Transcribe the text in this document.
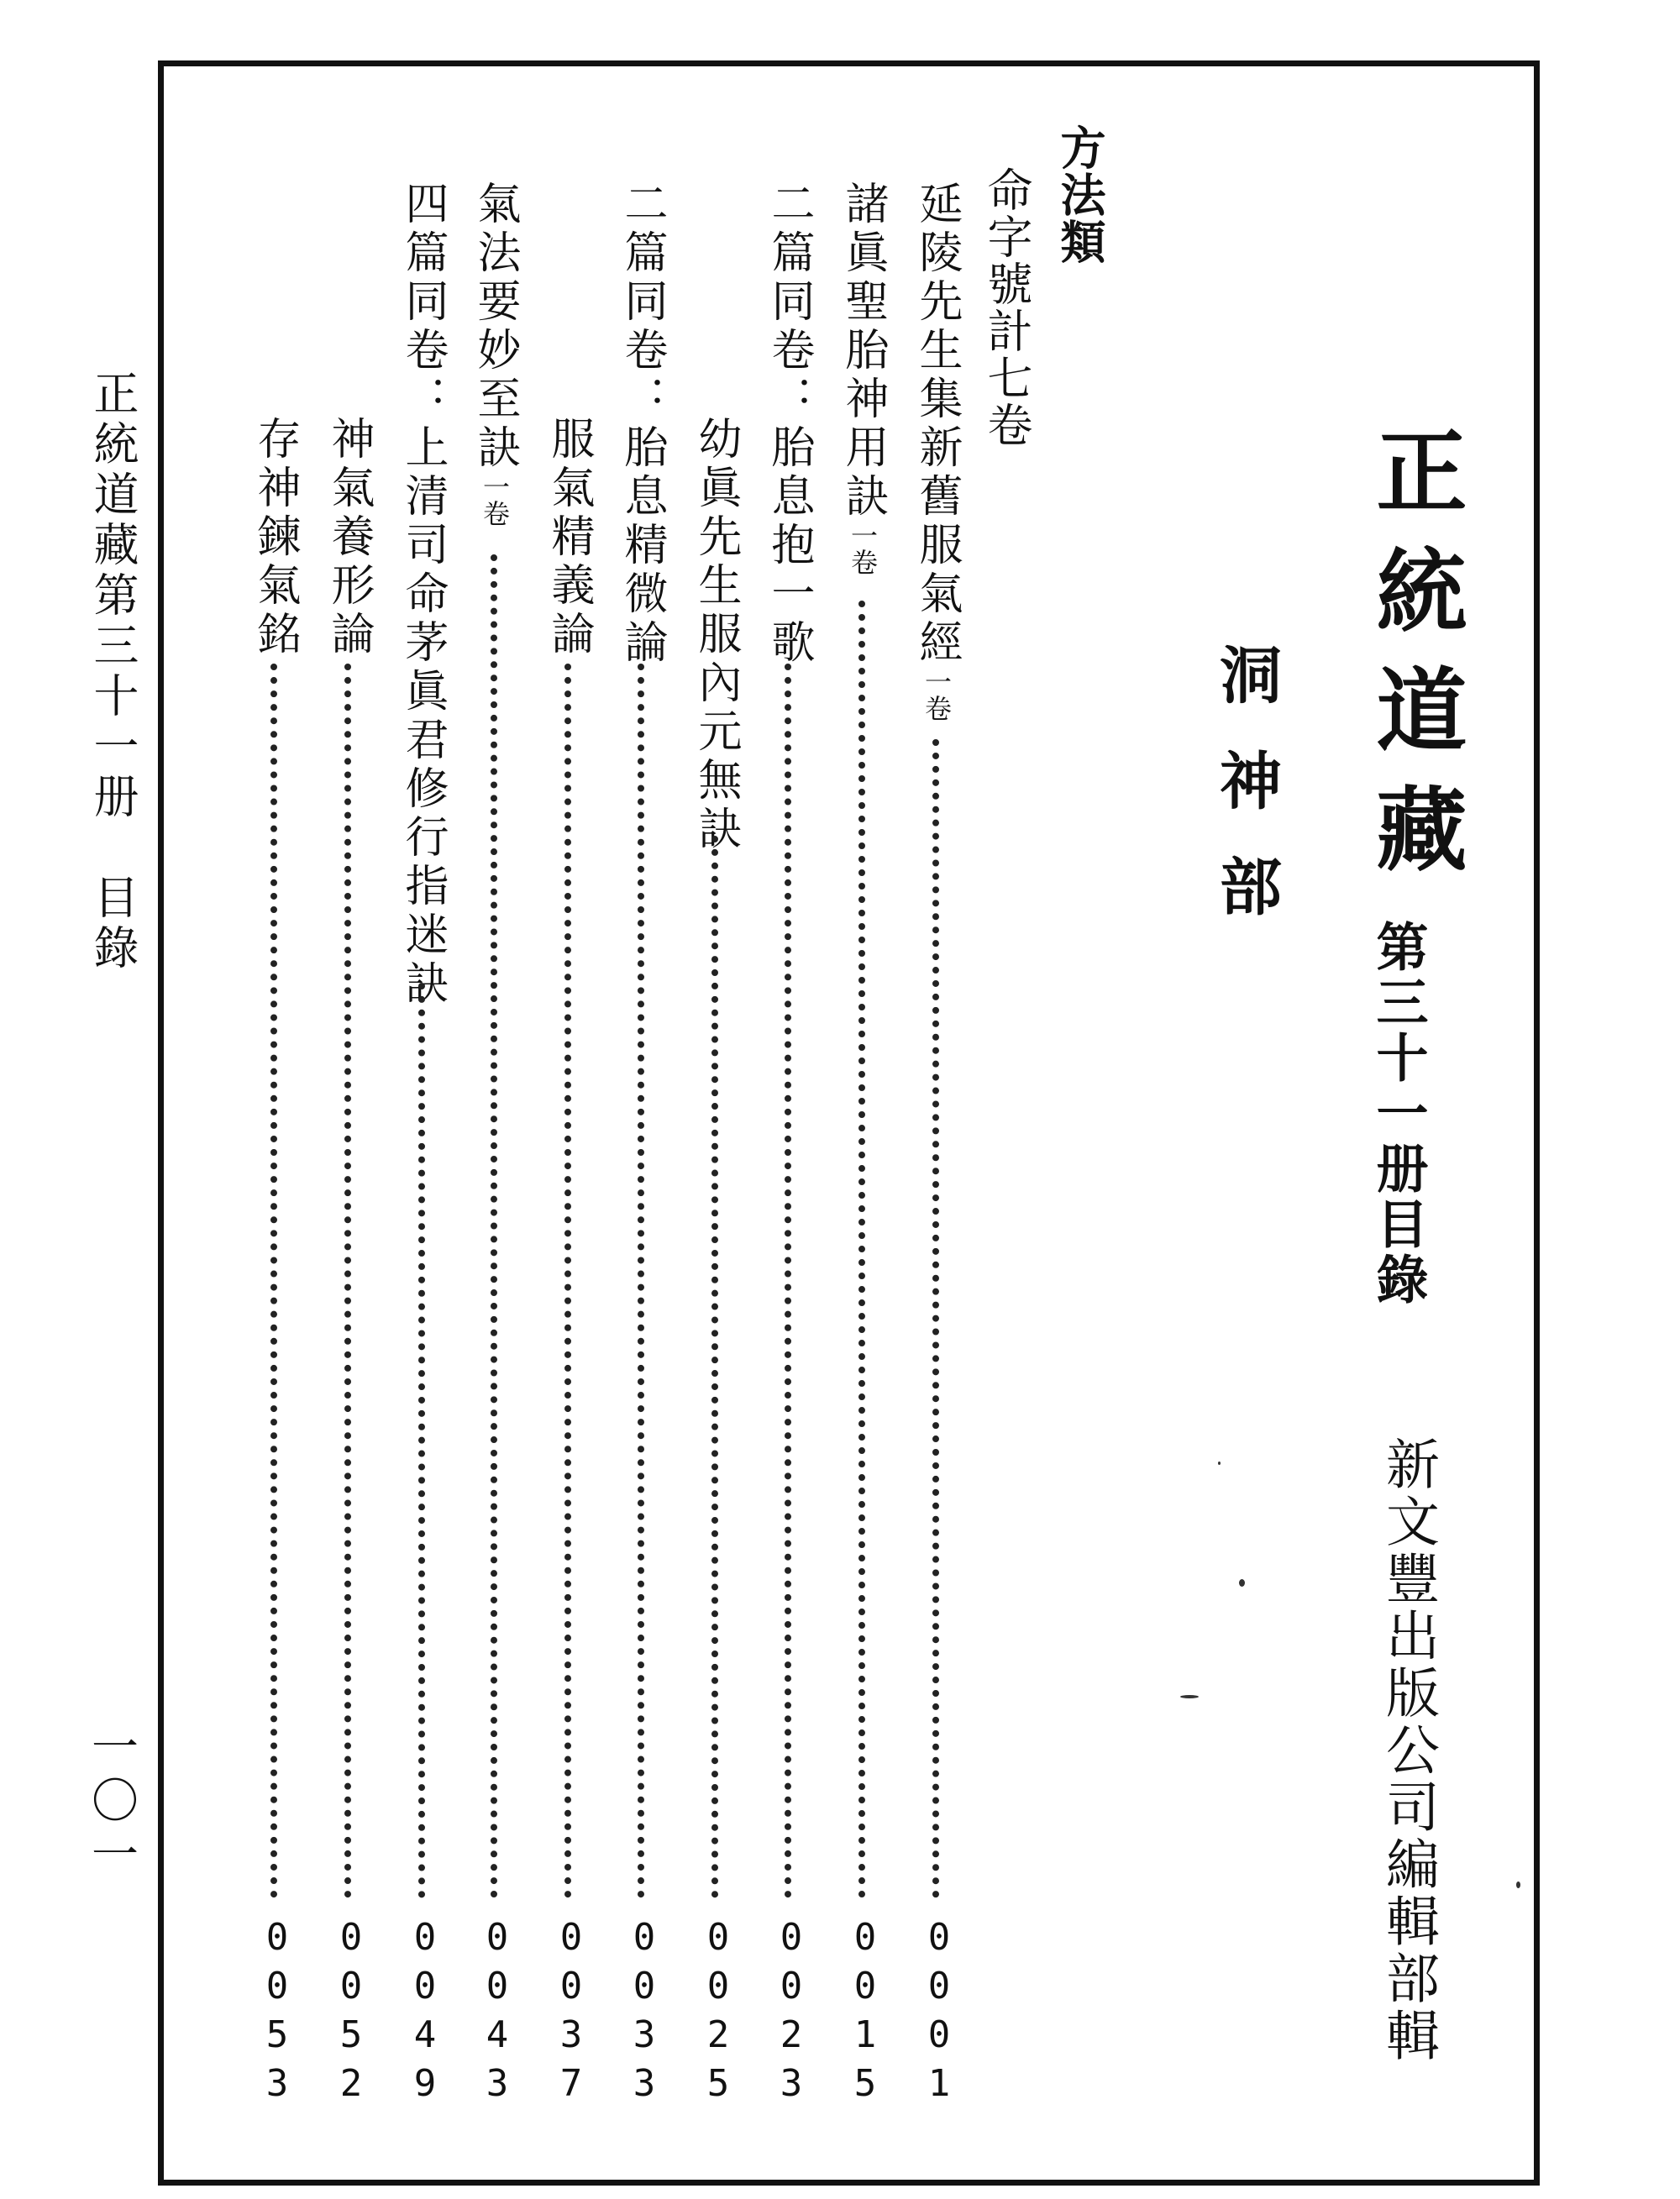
正統道藏
第三十一册目錄
洞神部
新文豐出版公司編輯部輯
方法類
命字號計七卷
延陵先生集新舊服氣經一卷
0
0
0
1
諸眞聖胎神用訣一卷
0
0
1
5
二篇同卷：胎息抱一歌
0
0
2
3
幼眞先生服內元無訣
0
0
2
5
二篇同卷：胎息精微論
0
0
3
3
服氣精義論
0
0
3
7
氣法要妙至訣一卷
0
0
4
3
四篇同卷：上清司命茅眞君修行指迷訣
0
0
4
9
神氣養形論
0
0
5
2
存神鍊氣銘
0
0
5
3
正統道藏第三十一册　目錄
一〇一
